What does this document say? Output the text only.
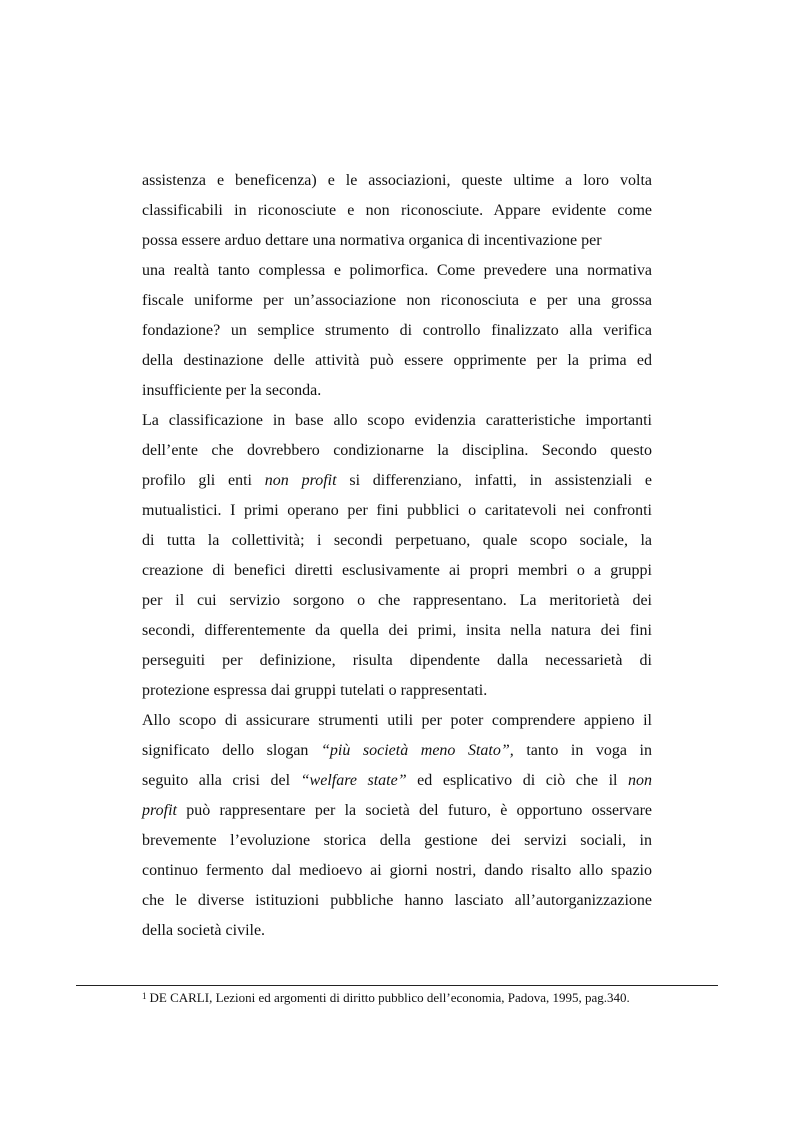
assistenza e beneficenza) e le associazioni, queste ultime a loro volta
classificabili in riconosciute e non riconosciute. Appare evidente come
possa essere arduo dettare una normativa organica di incentivazione per
una realtà tanto complessa e polimorfica. Come prevedere una normativa
fiscale uniforme per un’associazione non riconosciuta e per una grossa
fondazione? un semplice strumento di controllo finalizzato alla verifica
della destinazione delle attività può essere opprimente per la prima ed
insufficiente per la seconda.
La classificazione in base allo scopo evidenzia caratteristiche importanti
dell’ente che dovrebbero condizionarne la disciplina. Secondo questo
profilo gli enti non profit si differenziano, infatti, in assistenziali e
mutualistici. I primi operano per fini pubblici o caritatevoli nei confronti
di tutta la collettività; i secondi perpetuano, quale scopo sociale, la
creazione di benefici diretti esclusivamente ai propri membri o a gruppi
per il cui servizio sorgono o che rappresentano. La meritorietà dei
secondi, differentemente da quella dei primi, insita nella natura dei fini
perseguiti per definizione, risulta dipendente dalla necessarietà di
protezione espressa dai gruppi tutelati o rappresentati.
Allo scopo di assicurare strumenti utili per poter comprendere appieno il
significato dello slogan “più società meno Stato”, tanto in voga in
seguito alla crisi del “welfare state” ed esplicativo di ciò che il non
profit può rappresentare per la società del futuro, è opportuno osservare
brevemente l’evoluzione storica della gestione dei servizi sociali, in
continuo fermento dal medioevo ai giorni nostri, dando risalto allo spazio
che le diverse istituzioni pubbliche hanno lasciato all’autorganizzazione
della società civile.
$^1$ DE CARLI, Lezioni ed argomenti di diritto pubblico dell’economia, Padova, 1995, pag.340.
